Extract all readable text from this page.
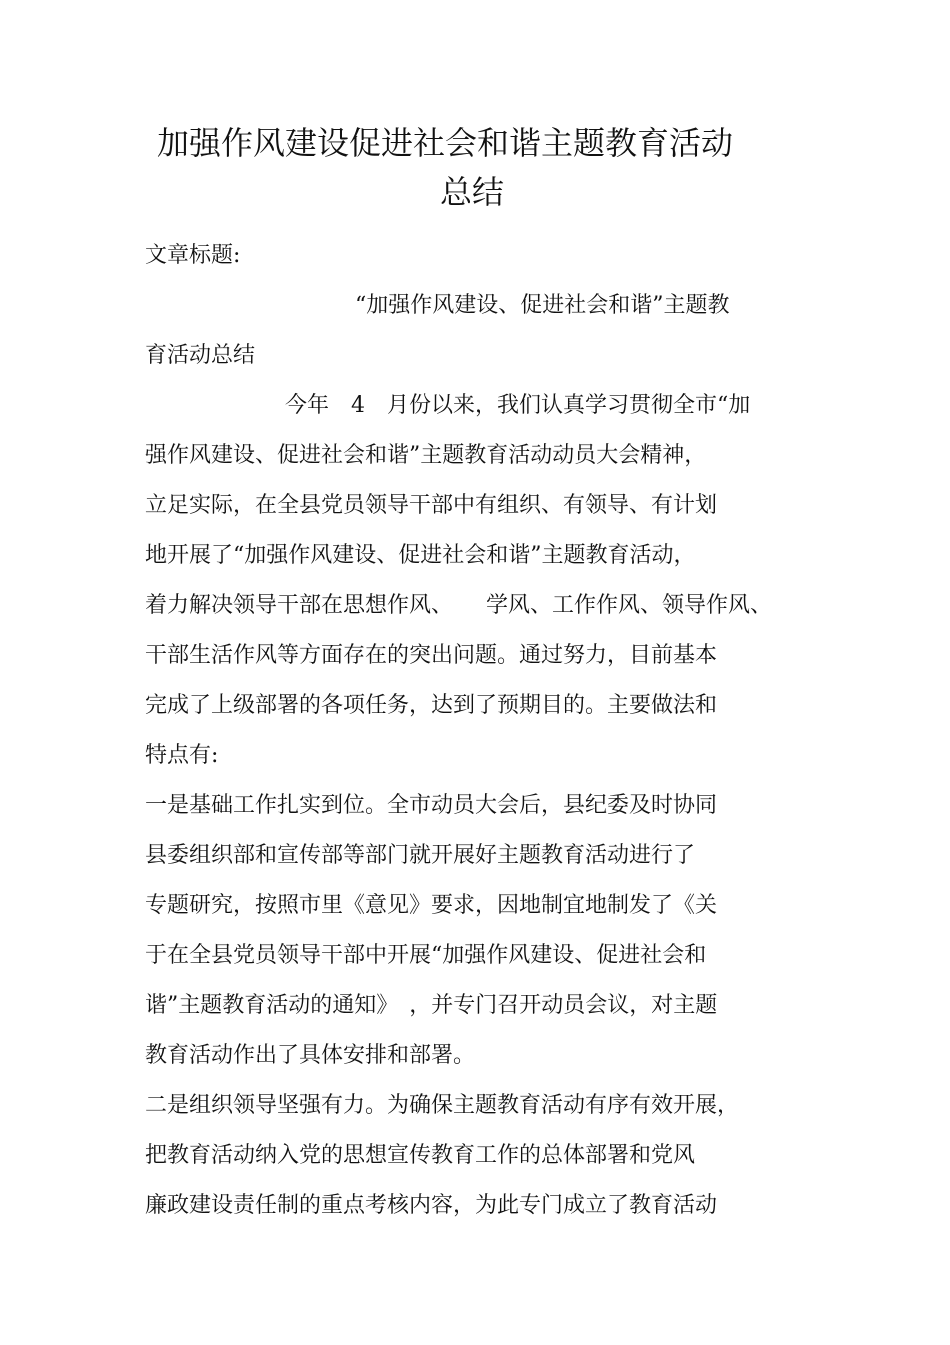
加强作风建设促进社会和谐主题教育活动
总结
文章标题:
“加强作风建设、促进社会和谐”主题教
育活动总结
今年　4　月份以来，我们认真学习贯彻全市“加
强作风建设、促进社会和谐”主题教育活动动员大会精神，
立足实际，在全县党员领导干部中有组织、有领导、有计划
地开展了“加强作风建设、促进社会和谐”主题教育活动，
着力解决领导干部在思想作风、　　学风、工作作风、领导作风、
干部生活作风等方面存在的突出问题。通过努力，目前基本
完成了上级部署的各项任务，达到了预期目的。主要做法和
特点有:
一是基础工作扎实到位。全市动员大会后，县纪委及时协同
县委组织部和宣传部等部门就开展好主题教育活动进行了
专题研究，按照市里《意见》要求，因地制宜地制发了《关
于在全县党员领导干部中开展“加强作风建设、促进社会和
谐”主题教育活动的通知》　，并专门召开动员会议，对主题
教育活动作出了具体安排和部署。
二是组织领导坚强有力。为确保主题教育活动有序有效开展，
把教育活动纳入党的思想宣传教育工作的总体部署和党风
廉政建设责任制的重点考核内容，为此专门成立了教育活动
